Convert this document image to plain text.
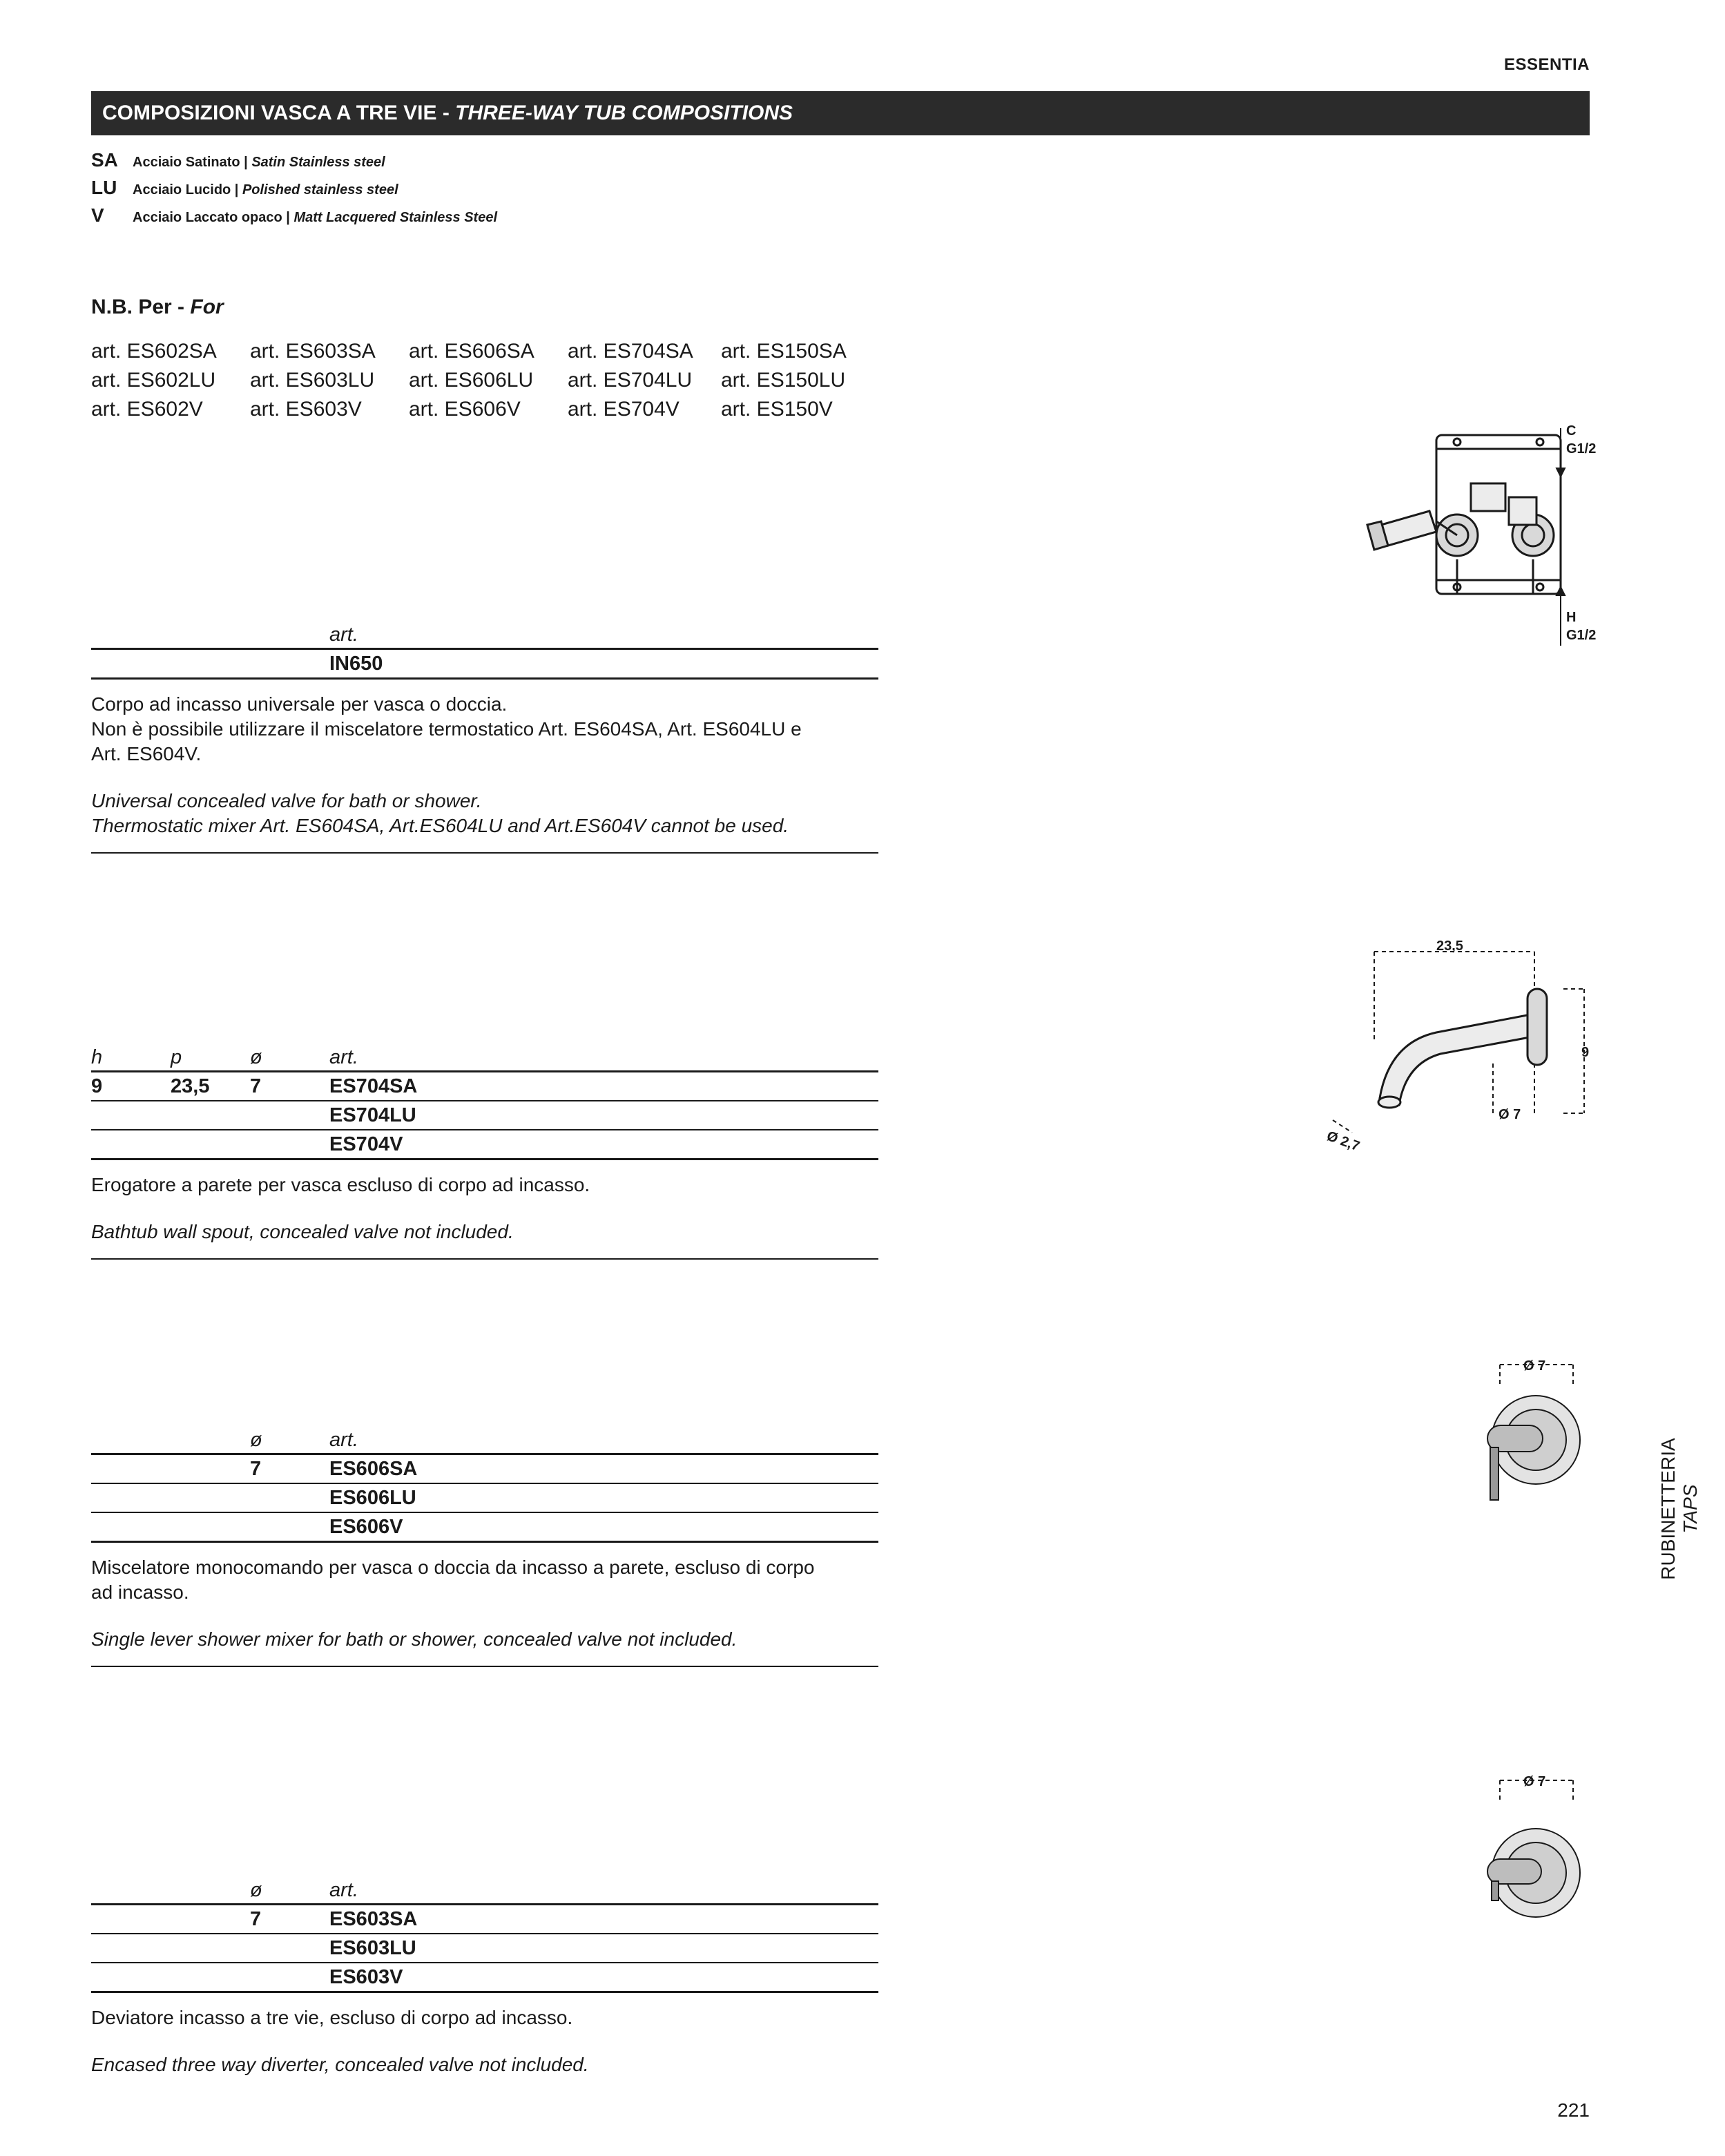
ESSENTIA
COMPOSIZIONI VASCA A TRE VIE - THREE-WAY TUB COMPOSITIONS
SA Acciaio Satinato | Satin Stainless steel
LU Acciaio Lucido | Polished stainless steel
V Acciaio Laccato opaco | Matt Lacquered Stainless Steel
N.B. Per - For
art. ES602SA art. ES603SA art. ES606SA art. ES704SA art. ES150SA
art. ES602LU art. ES603LU art. ES606LU art. ES704LU art. ES150LU
art. ES602V art. ES603V art. ES606V art. ES704V art. ES150V
art.
IN650
Corpo ad incasso universale per vasca o doccia.
Non è possibile utilizzare il miscelatore termostatico Art. ES604SA, Art. ES604LU e
Art. ES604V.
Universal concealed valve for bath or shower.
Thermostatic mixer Art. ES604SA, Art.ES604LU and Art.ES604V cannot be used.
C
G1/2
H
G1/2
h	p	ø	art.
9	23,5 7	ES704SA
ES704LU
ES704V
Erogatore a parete per vasca escluso di corpo ad incasso.
Bathtub wall spout, concealed valve not included.
23,5
9
Ø 7
Ø 2,7
ø	art.
7	ES606SA
ES606LU
ES606V
Miscelatore monocomando per vasca o doccia da incasso a parete, escluso di corpo
ad incasso.
Single lever shower mixer for bath or shower, concealed valve not included.
Ø 7
ø	art.
7	ES603SA
ES603LU
ES603V
Deviatore incasso a tre vie, escluso di corpo ad incasso.
Encased three way diverter, concealed valve not included.
Ø 7
RUBINETTERIA TAPS
221
